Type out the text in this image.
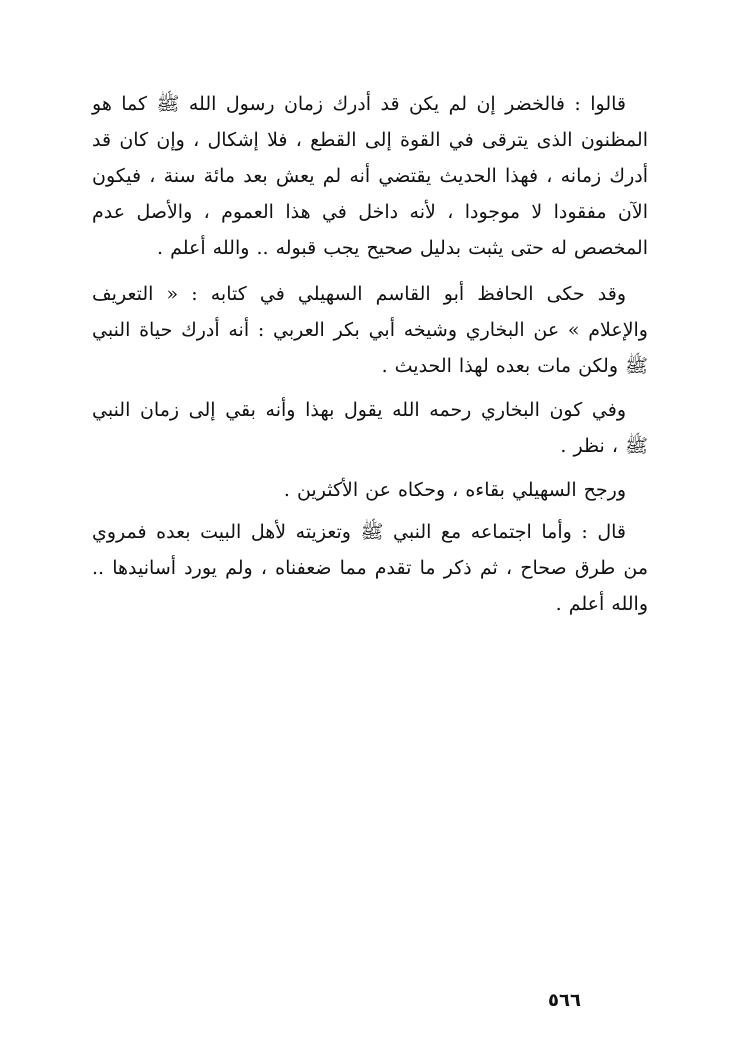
قالوا : فالخضر إن لم يكن قد أدرك زمان رسول الله ﷺ كما هو المظنون الذى يترقى في القوة إلى القطع ، فلا إشكال ، وإن كان قد أدرك زمانه ، فهذا الحديث يقتضي أنه لم يعش بعد مائة سنة ، فيكون الآن مفقودا لا موجودا ، لأنه داخل في هذا العموم ، والأصل عدم المخصص له حتى يثبت بدليل صحيح يجب قبوله .. والله أعلم .

وقد حكى الحافظ أبو القاسم السهيلي في كتابه : « التعريف والإعلام » عن البخاري وشيخه أبي بكر العربي : أنه أدرك حياة النبي ﷺ ولكن مات بعده لهذا الحديث .

وفي كون البخاري رحمه الله يقول بهذا وأنه بقي إلى زمان النبي ﷺ ، نظر .

ورجح السهيلي بقاءه ، وحكاه عن الأكثرين .

قال : وأما اجتماعه مع النبي ﷺ وتعزيته لأهل البيت بعده فمروي من طرق صحاح ، ثم ذكر ما تقدم مما ضعفناه ، ولم يورد أسانيدها .. والله أعلم .

٥٦٦
